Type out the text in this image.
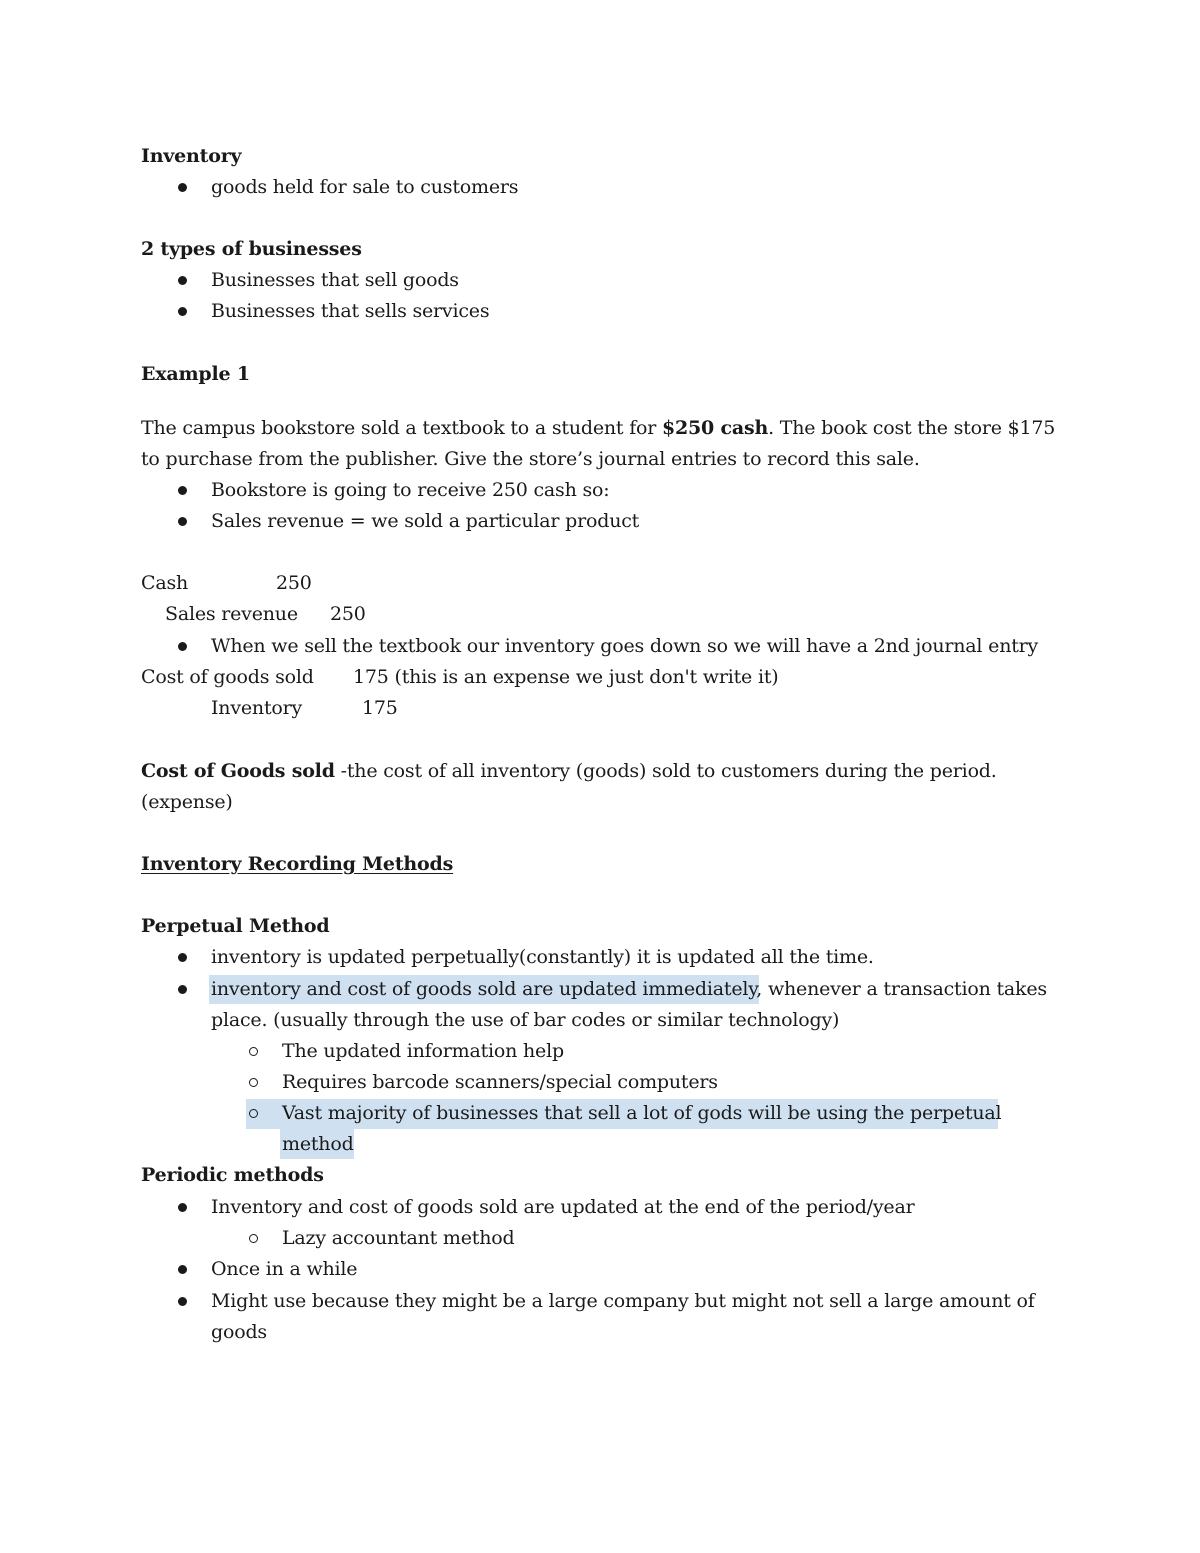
Inventory
goods held for sale to customers
2 types of businesses
Businesses that sell goods
Businesses that sells services
Example 1
The campus bookstore sold a textbook to a student for $250 cash. The book cost the store $175
to purchase from the publisher. Give the store’s journal entries to record this sale.
Bookstore is going to receive 250 cash so:
Sales revenue = we sold a particular product
Cash	250
Sales revenue 250
When we sell the textbook our inventory goes down so we will have a 2nd journal entry
Cost of goods sold 175 (this is an expense we just don't write it)
Inventory	175
Cost of Goods sold -the cost of all inventory (goods) sold to customers during the period.
(expense)
Inventory Recording Methods
Perpetual Method
inventory is updated perpetually(constantly) it is updated all the time.
inventory and cost of goods sold are updated immediately, whenever a transaction takes
place. (usually through the use of bar codes or similar technology)
The updated information help
Requires barcode scanners/special computers
Vast majority of businesses that sell a lot of gods will be using the perpetual
method
Periodic methods
Inventory and cost of goods sold are updated at the end of the period/year
Lazy accountant method
Once in a while
Might use because they might be a large company but might not sell a large amount of
goods
